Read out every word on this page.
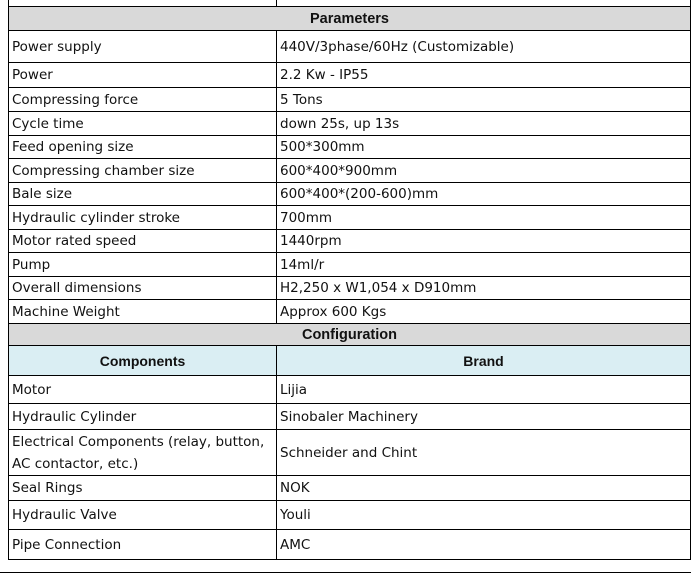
Parameters	
Power supply	440V/3phase/60Hz (Customizable)
Power	2.2 Kw - IP55
Compressing force	5 Tons
Cycle time	down 25s, up 13s
Feed opening size	500*300mm
Compressing chamber size	600*400*900mm
Bale size	600*400*(200-600)mm
Hydraulic cylinder stroke	700mm
Motor rated speed	1440rpm
Pump	14ml/r
Overall dimensions	H2,250 x W1,054 x D910mm
Machine Weight	Approx 600 Kgs
Configuration	
Components	Brand
Motor	Lijia
Hydraulic Cylinder	Sinobaler Machinery
Electrical Components (relay, button, AC contactor, etc.)	Schneider and Chint
Seal Rings	NOK
Hydraulic Valve	Youli
Pipe Connection	AMC
